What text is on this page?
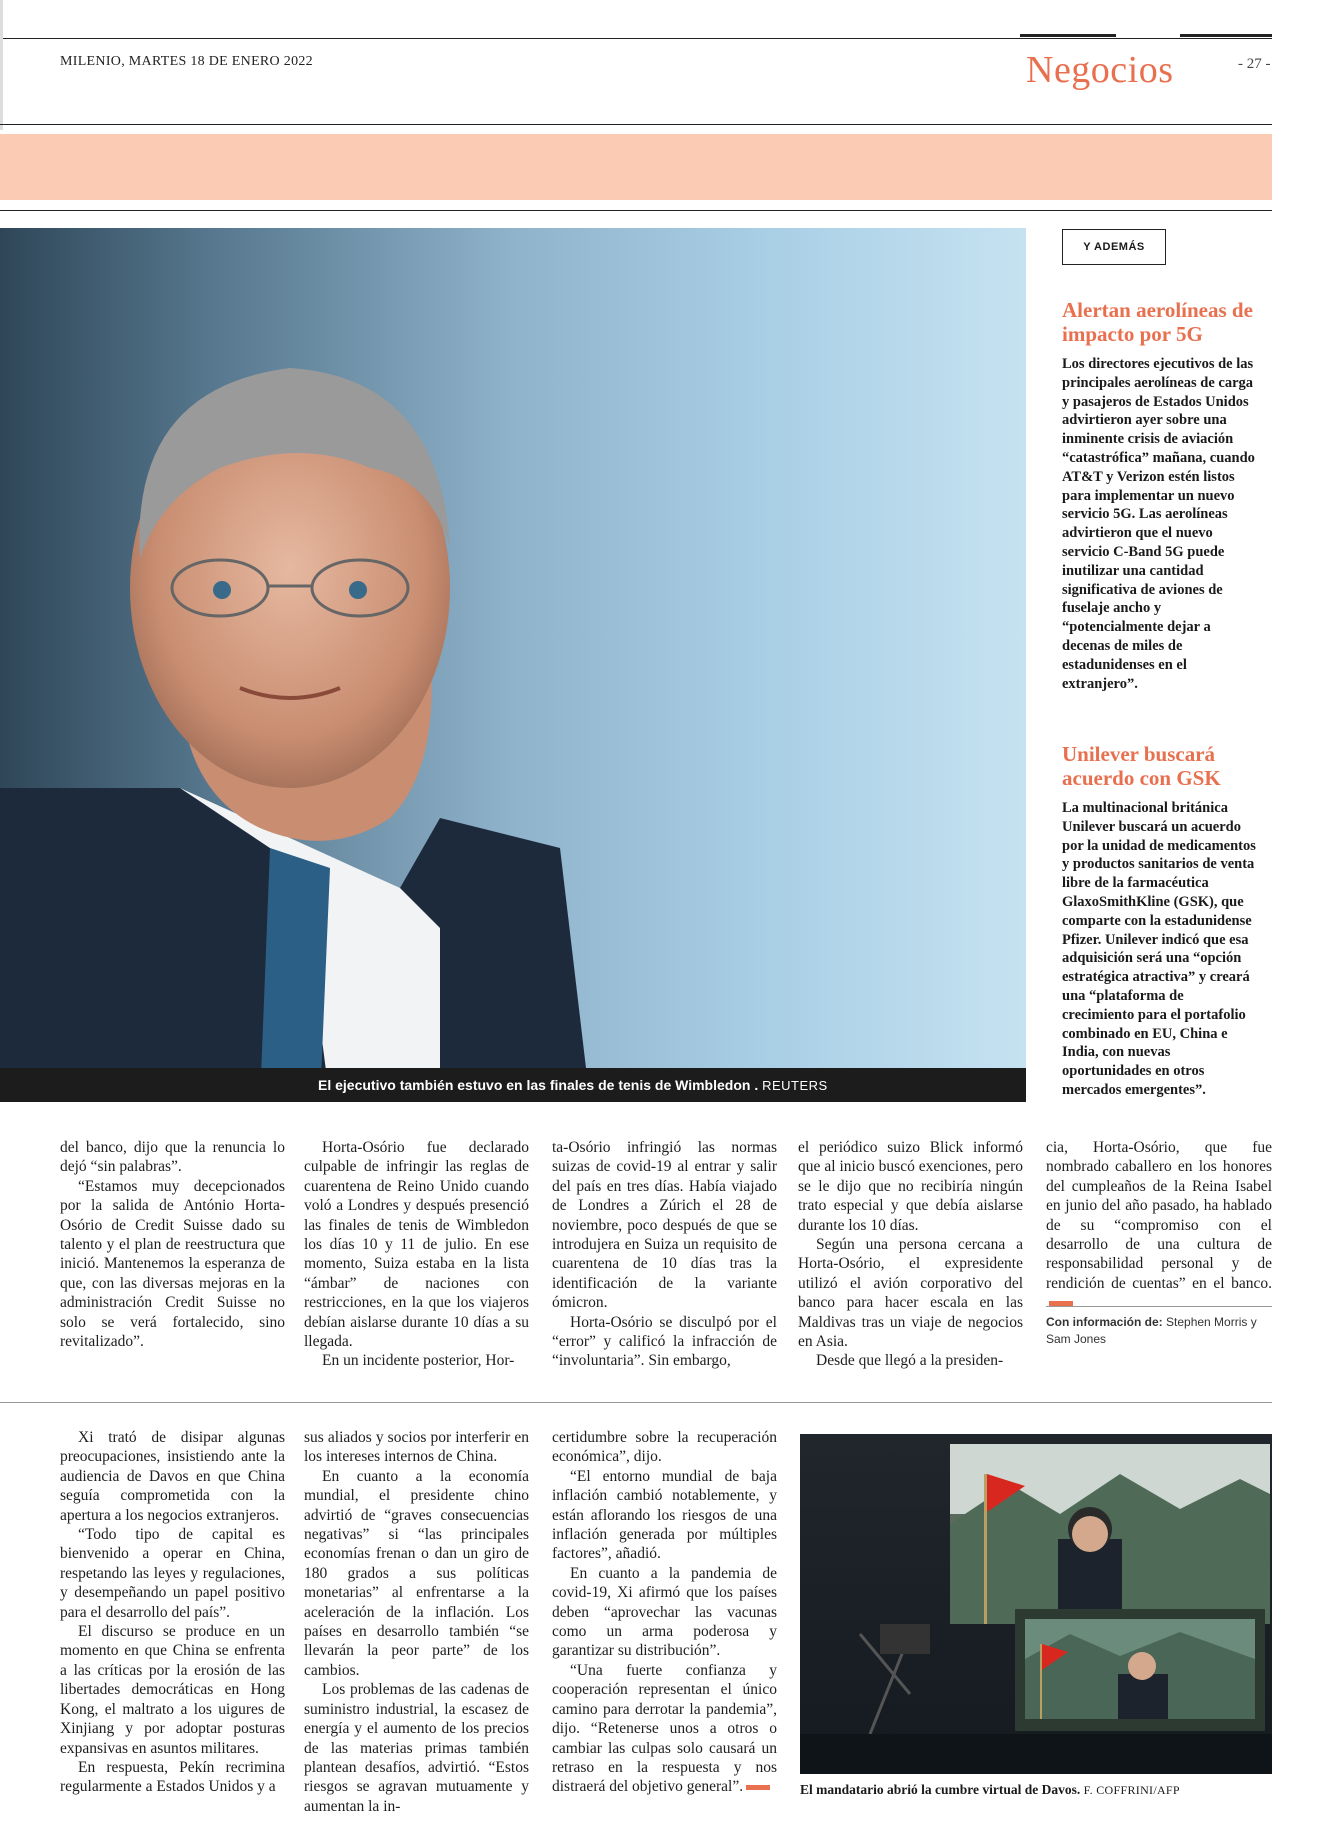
MILENIO, MARTES 18 DE ENERO 2022	Negocios	- 27 -
El ejecutivo también estuvo en las finales de tenis de Wimbledon . REUTERS
Y ADEMÁS
Alertan aerolíneas de impacto por 5G

Los directores ejecutivos de las principales aerolíneas de carga y pasajeros de Estados Unidos advirtieron ayer sobre una inminente crisis de aviación “catastrófica” mañana, cuando AT&T y Verizon estén listos para implementar un nuevo servicio 5G. Las aerolíneas advirtieron que el nuevo servicio C-Band 5G puede inutilizar una cantidad significativa de aviones de fuselaje ancho y “potencialmente dejar a decenas de miles de estadunidenses en el extranjero”.

Unilever buscará acuerdo con GSK

La multinacional británica Unilever buscará un acuerdo por la unidad de medicamentos y productos sanitarios de venta libre de la farmacéutica GlaxoSmithKline (GSK), que comparte con la estadunidense Pfizer. Unilever indicó que esa adquisición será una “opción estratégica atractiva” y creará una “plataforma de crecimiento para el portafolio combinado en EU, China e India, con nuevas oportunidades en otros mercados emergentes”.

del banco, dijo que la renuncia lo dejó “sin palabras”.

“Estamos muy decepcionados por la salida de António Horta-Osório de Credit Suisse dado su talento y el plan de reestructura que inició. Mantenemos la esperanza de que, con las diversas mejoras en la administración Credit Suisse no solo se verá fortalecido, sino revitalizado”.

Horta-Osório fue declarado culpable de infringir las reglas de cuarentena de Reino Unido cuando voló a Londres y después presenció las finales de tenis de Wimbledon los días 10 y 11 de julio. En ese momento, Suiza estaba en la lista “ámbar” de naciones con restricciones, en la que los viajeros debían aislarse durante 10 días a su llegada.

En un incidente posterior, Hor-

ta-Osório infringió las normas suizas de covid-19 al entrar y salir del país en tres días. Había viajado de Londres a Zúrich el 28 de noviembre, poco después de que se introdujera en Suiza un requisito de cuarentena de 10 días tras la identificación de la variante ómicron.

Horta-Osório se disculpó por el “error” y calificó la infracción de “involuntaria”. Sin embargo,

el periódico suizo Blick informó que al inicio buscó exenciones, pero se le dijo que no recibiría ningún trato especial y que debía aislarse durante los 10 días.

Según una persona cercana a Horta-Osório, el expresidente utilizó el avión corporativo del banco para hacer escala en las Maldivas tras un viaje de negocios en Asia.

Desde que llegó a la presiden-

cia, Horta-Osório, que fue nombrado caballero en los honores del cumpleaños de la Reina Isabel en junio del año pasado, ha hablado de su “compromiso con el desarrollo de una cultura de responsabilidad personal y de rendición de cuentas” en el banco.

Con información de: Stephen Morris y Sam Jones

Xi trató de disipar algunas preocupaciones, insistiendo ante la audiencia de Davos en que China seguía comprometida con la apertura a los negocios extranjeros.

“Todo tipo de capital es bienvenido a operar en China, respetando las leyes y regulaciones, y desempeñando un papel positivo para el desarrollo del país”.

El discurso se produce en un momento en que China se enfrenta a las críticas por la erosión de las libertades democráticas en Hong Kong, el maltrato a los uigures de Xinjiang y por adoptar posturas expansivas en asuntos militares.

En respuesta, Pekín recrimina regularmente a Estados Unidos y a

sus aliados y socios por interferir en los intereses internos de China.

En cuanto a la economía mundial, el presidente chino advirtió de “graves consecuencias negativas” si “las principales economías frenan o dan un giro de 180 grados a sus políticas monetarias” al enfrentarse a la aceleración de la inflación. Los países en desarrollo también “se llevarán la peor parte” de los cambios.

Los problemas de las cadenas de suministro industrial, la escasez de energía y el aumento de los precios de las materias primas también plantean desafíos, advirtió. “Estos riesgos se agravan mutuamente y aumentan la in-

certidumbre sobre la recuperación económica”, dijo.

“El entorno mundial de baja inflación cambió notablemente, y están aflorando los riesgos de una inflación generada por múltiples factores”, añadió.

En cuanto a la pandemia de covid-19, Xi afirmó que los países deben “aprovechar las vacunas como un arma poderosa y garantizar su distribución”.

“Una fuerte confianza y cooperación representan el único camino para derrotar la pandemia”, dijo. “Retenerse unos a otros o cambiar las culpas solo causará un retraso en la respuesta y nos distraerá del objetivo general”.	El mandatario abrió la cumbre virtual de Davos. F. COFFRINI/AFP
